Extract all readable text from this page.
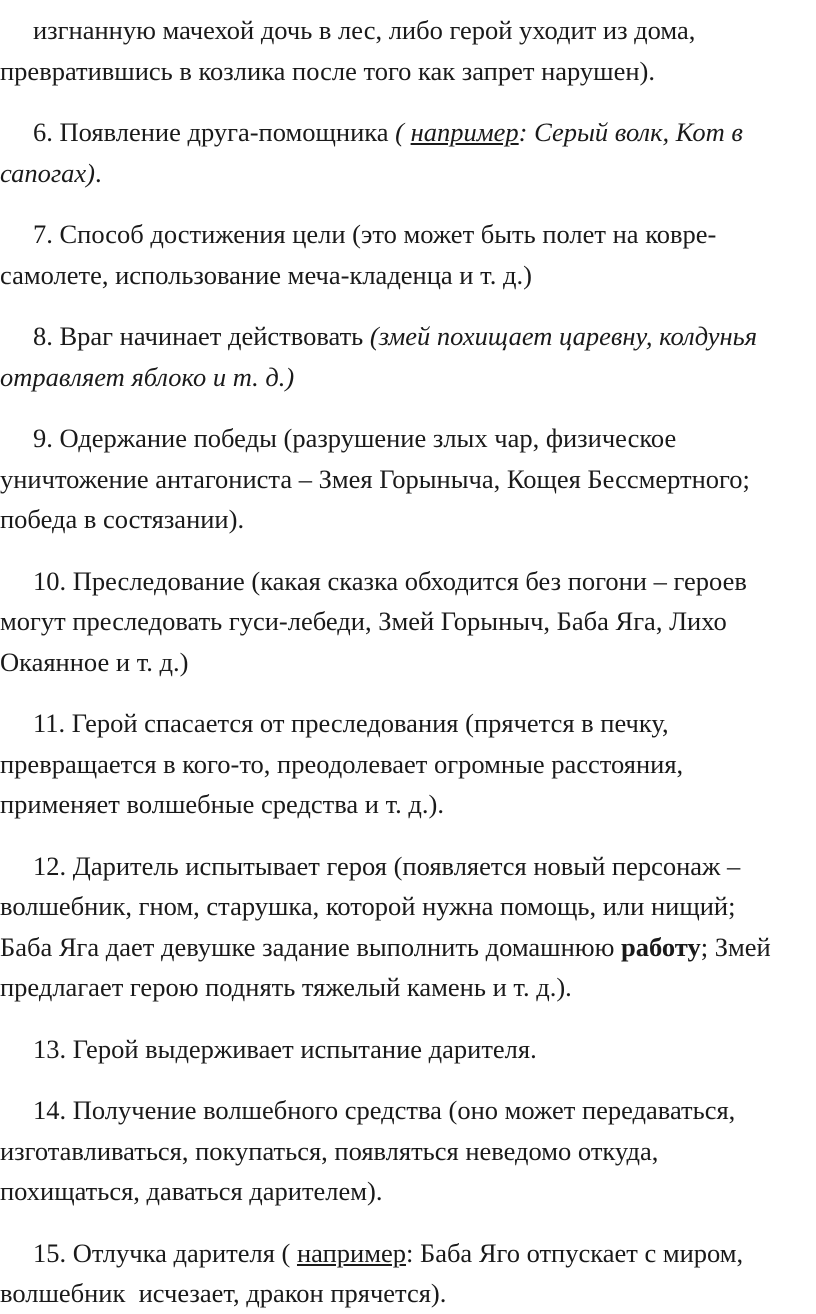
изгнанную мачехой дочь в лес, либо герой уходит из дома,
превратившись в козлика после того как запрет нарушен).

6. Появление друга-помощника ( например: Серый волк, Кот в
сапогах).

7. Способ достижения цели (это может быть полет на ковре-
самолете, использование меча-кладенца и т. д.)

8. Враг начинает действовать (змей похищает царевну, колдунья
отравляет яблоко и т. д.)

9. Одержание победы (разрушение злых чар, физическое
уничтожение антагониста – Змея Горыныча, Кощея Бессмертного;
победа в состязании).

10. Преследование (какая сказка обходится без погони – героев
могут преследовать гуси-лебеди, Змей Горыныч, Баба Яга, Лихо
Окаянное и т. д.)

11. Герой спасается от преследования (прячется в печку,
превращается в кого-то, преодолевает огромные расстояния,
применяет волшебные средства и т. д.).

12. Даритель испытывает героя (появляется новый персонаж –
волшебник, гном, старушка, которой нужна помощь, или нищий;
Баба Яга дает девушке задание выполнить домашнюю работу; Змей
предлагает герою поднять тяжелый камень и т. д.).

13. Герой выдерживает испытание дарителя.

14. Получение волшебного средства (оно может передаваться,
изготавливаться, покупаться, появляться неведомо откуда,
похищаться, даваться дарителем).

15. Отлучка дарителя ( например: Баба Яго отпускает с миром,
волшебник  исчезает, дракон прячется).
